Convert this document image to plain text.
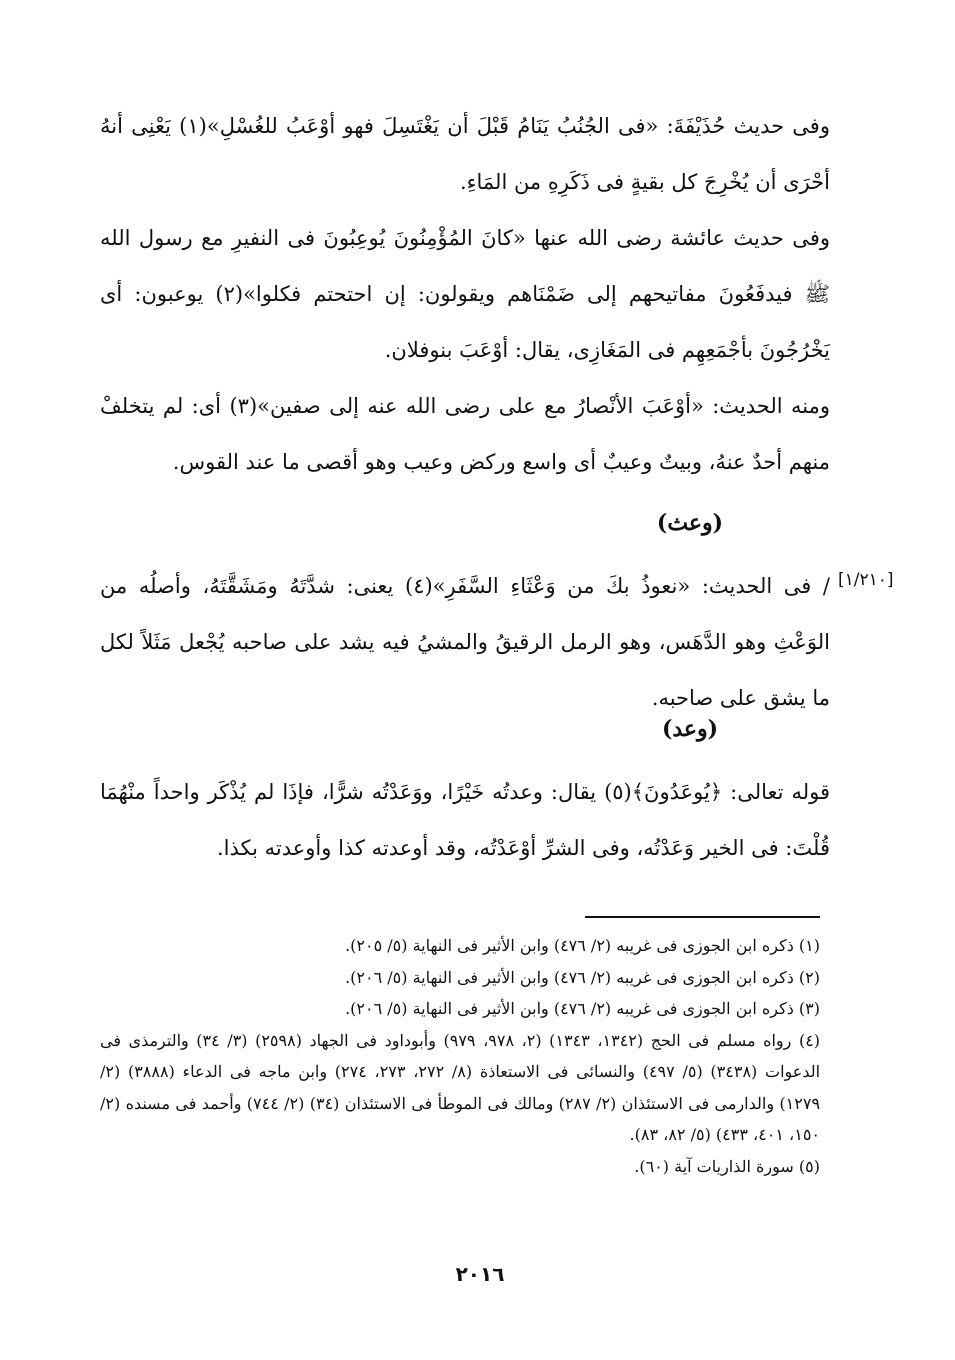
وفى حديث حُذَيْفَةَ: «فى الجُنُبُ يَنَامُ قَبْلَ أن يَغْتَسِلَ فهو أوْعَبُ للغُسْلِ»(١) يَعْنِى أنهُ أحْرَى أن يُخْرِجَ كل بقيةٍ فى ذَكَرِهِ من المَاءِ.

وفى حديث عائشة رضى الله عنها «كانَ المُؤْمِنُونَ يُوعِبُونَ فى النفيرِ مع رسول الله ﷺ فيدفَعُونَ مفاتيحهم إلى ضَمْنَاهم ويقولون: إن احتحتم فكلوا»(٢) يوعبون: أى يَخْرُجُونَ بأجْمَعِهِم فى المَغَازِى، يقال: أوْعَبَ بنوفلان.

ومنه الحديث: «أوْعَبَ الأنْصارُ مع على رضى الله عنه إلى صفين»(٣) أى: لم يتخلفْ منهم أحدٌ عنهُ، وبيتٌ وعيبٌ أى واسع وركض وعيب وهو أقصى ما عند القوس.

(وعث)
[١/٢١٠]

/ فى الحديث: «نعوذُ بكَ من وَعْثَاءِ السَّفَرِ»(٤) يعنى: شدَّتَهُ ومَشَقَّتَهُ، وأصلُه من الوَعْثِ وهو الدَّهَس، وهو الرمل الرقيقُ والمشيُ فيه يشد على صاحبه يُجْعل مَثَلاً لكل ما يشق على صاحبه.

(وعد)

قوله تعالى: ﴿يُوعَدُونَ﴾(٥) يقال: وعدتُه خَيْرًا، ووَعَدْتُه شرًّا، فإذَا لم يُذْكَر واحداً منْهُمَا قُلْتَ: فى الخير وَعَدْتُه، وفى الشرِّ أوْعَدْتُه، وقد أوعدته كذا وأوعدته بكذا.

(١) ذكره ابن الجوزى فى غريبه (٢/ ٤٧٦) وابن الأثير فى النهاية (٥/ ٢٠٥).
(٢) ذكره ابن الجوزى فى غريبه (٢/ ٤٧٦) وابن الأثير فى النهاية (٥/ ٢٠٦).
(٣) ذكره ابن الجوزى فى غريبه (٢/ ٤٧٦) وابن الأثير فى النهاية (٥/ ٢٠٦).
(٤) رواه مسلم فى الحج (١٣٤٢، ١٣٤٣) (٢، ٩٧٨، ٩٧٩) وأبوداود فى الجهاد (٢٥٩٨) (٣/ ٣٤) والترمذى فى الدعوات (٣٤٣٨) (٥/ ٤٩٧) والنسائى فى الاستعاذة (٨/ ٢٧٢، ٢٧٣، ٢٧٤) وابن ماجه فى الدعاء (٣٨٨٨) (٢/ ١٢٧٩) والدارمى فى الاستئذان (٢/ ٢٨٧) ومالك فى الموطأ فى الاستئذان (٣٤) (٢/ ٧٤٤) وأحمد فى مسنده (٢/ ١٥٠، ٤٠١، ٤٣٣) (٥/ ٨٢، ٨٣).
(٥) سورة الذاريات آية (٦٠).
٢٠١٦
